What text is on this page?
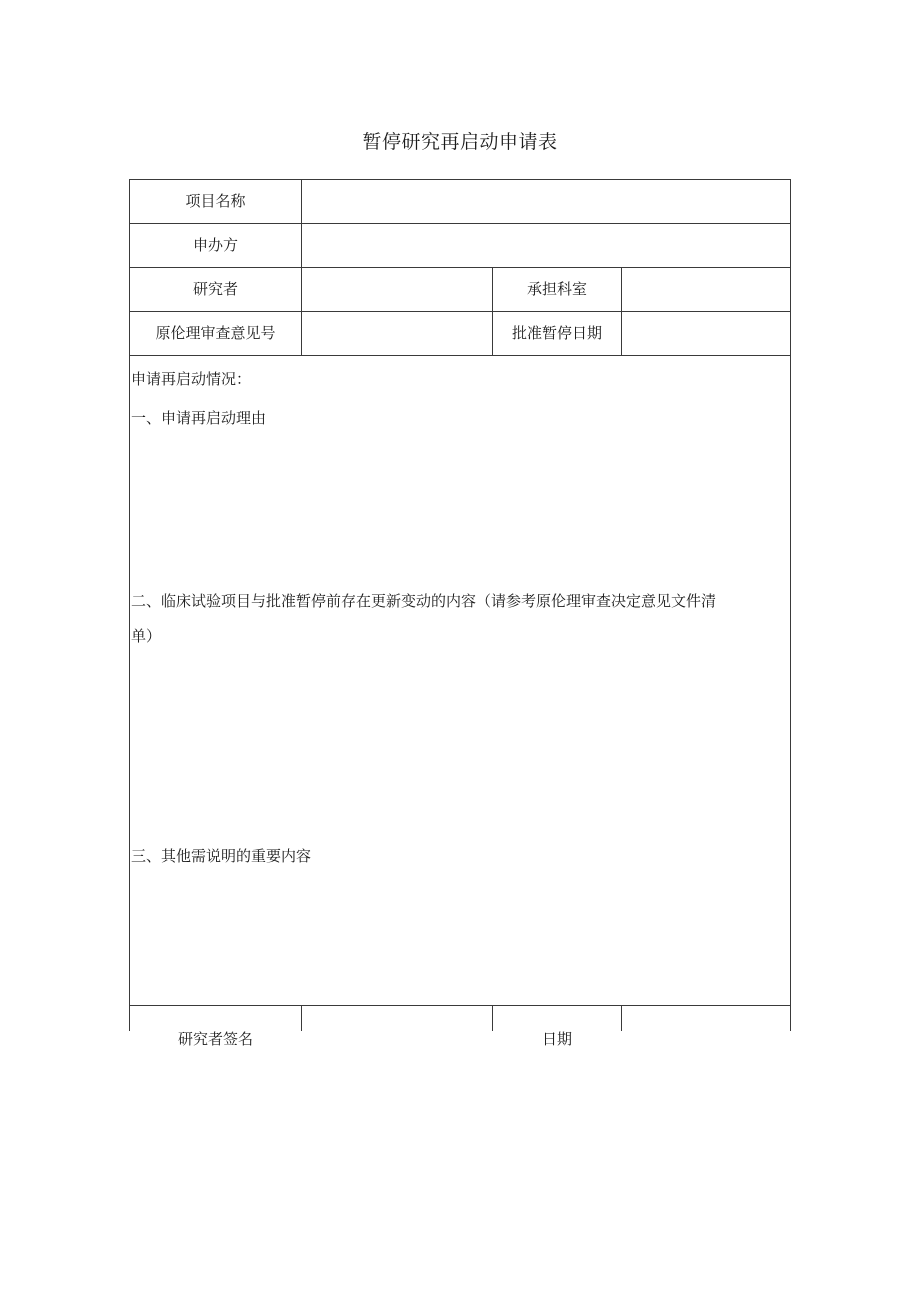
暂停研究再启动申请表
项目名称
申办方
研究者	承担科室
原伦理审查意见号	批准暂停日期
申请再启动情况：
一、申请再启动理由
二、临床试验项目与批准暂停前存在更新变动的内容（请参考原伦理审查决定意见文件清
单）
三、其他需说明的重要内容
研究者签名	日期
